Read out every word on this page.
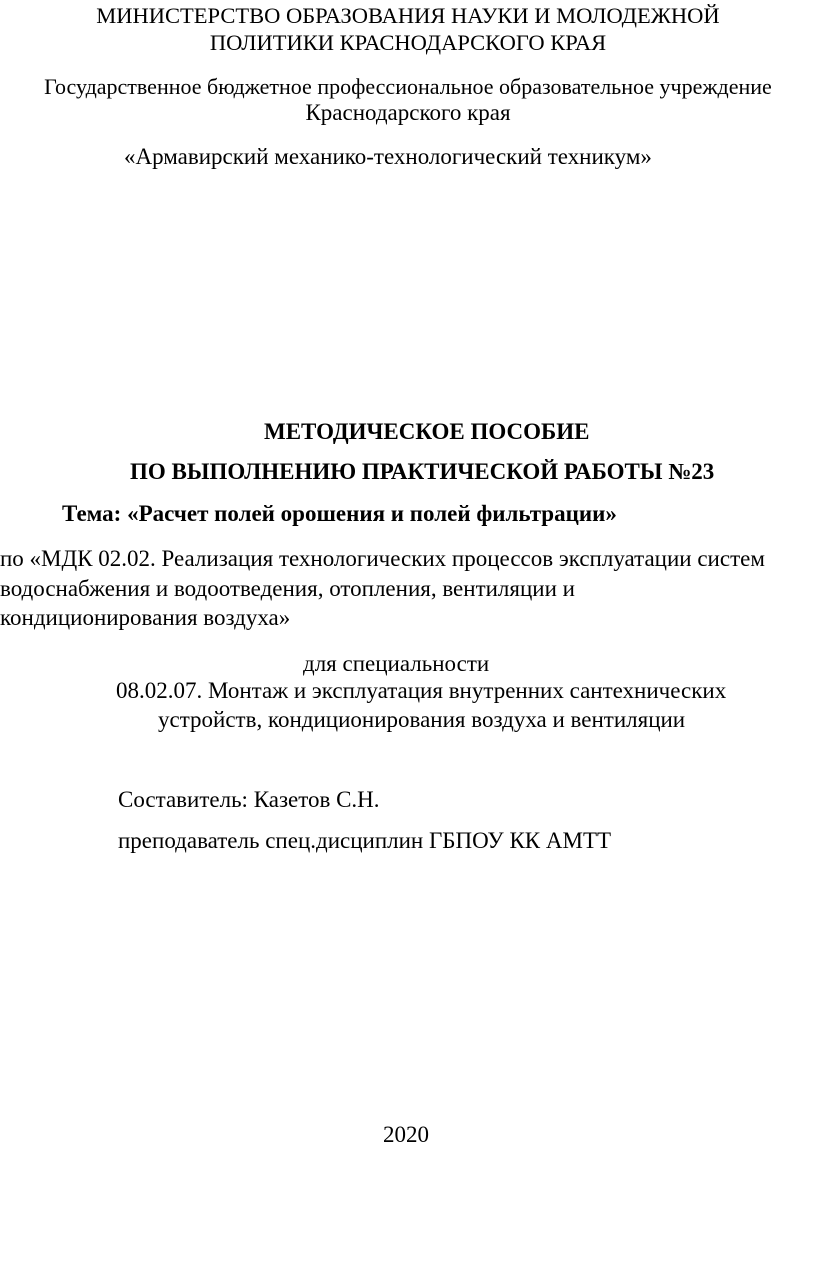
МИНИСТЕРСТВО ОБРАЗОВАНИЯ НАУКИ И МОЛОДЕЖНОЙ
ПОЛИТИКИ КРАСНОДАРСКОГО КРАЯ
Государственное бюджетное профессиональное образовательное учреждение
Краснодарского края
«Армавирский механико-технологический техникум»
МЕТОДИЧЕСКОЕ ПОСОБИЕ
ПО ВЫПОЛНЕНИЮ ПРАКТИЧЕСКОЙ РАБОТЫ №23
Тема: «Расчет полей орошения и полей фильтрации»
по «МДК 02.02. Реализация технологических процессов эксплуатации систем
водоснабжения и водоотведения, отопления, вентиляции и
кондиционирования воздуха»
для специальности
08.02.07. Монтаж и эксплуатация внутренних сантехнических
устройств, кондиционирования воздуха и вентиляции
Составитель: Казетов С.Н.
преподаватель спец.дисциплин ГБПОУ КК АМТТ
2020
